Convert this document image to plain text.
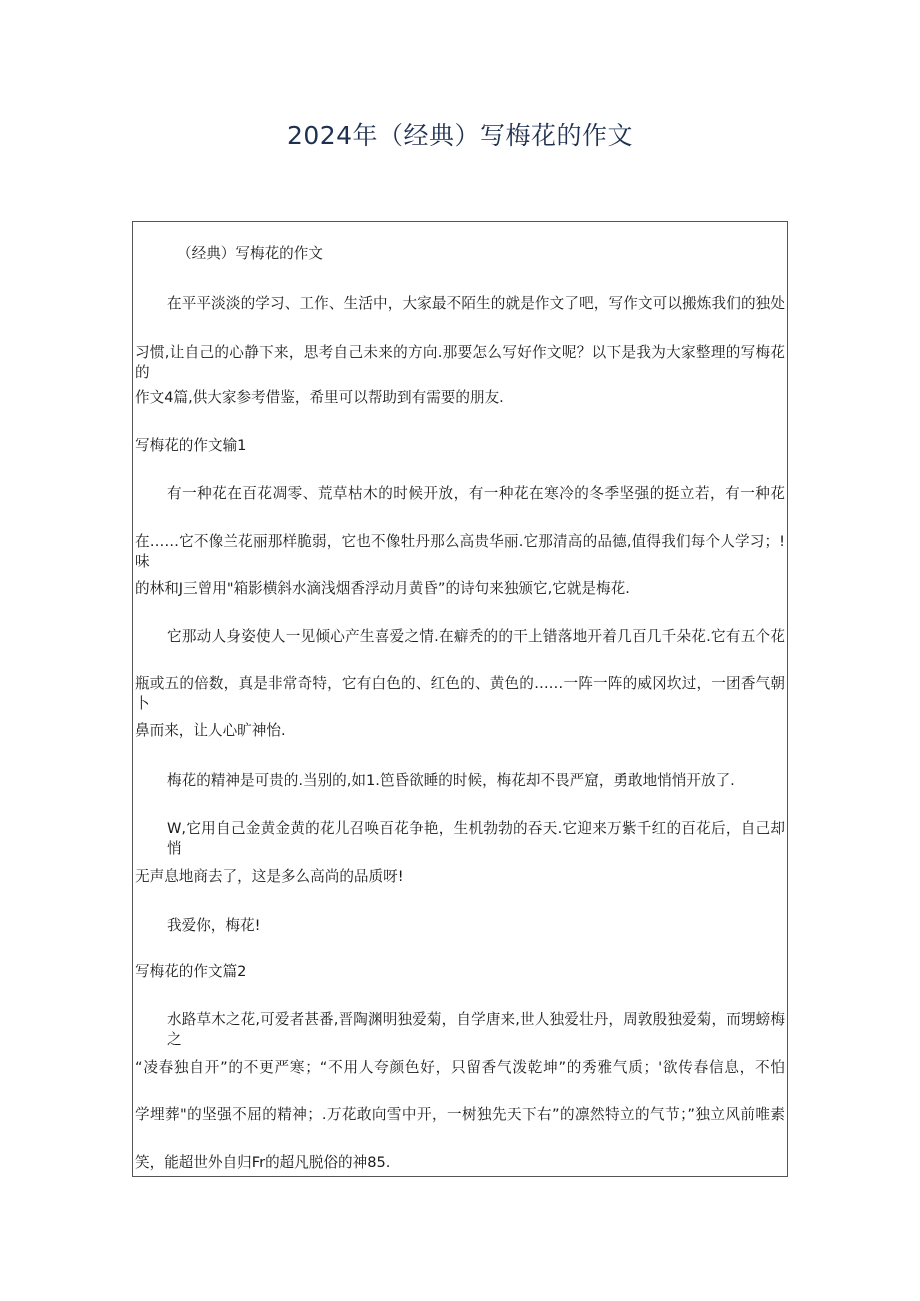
2024年（经典）写梅花的作文
（经典）写梅花的作文
在平平淡淡的学习、工作、生活中，大家最不陌生的就是作文了吧，写作文可以搬炼我们的独处
习惯,让自己的心静下来，思考自己未来的方向.那要怎么写好作文呢？以下是我为大家整理的写梅花的
作文4篇,供大家参考借鉴，希里可以帮助到有需要的朋友.
写梅花的作文输1
有一种花在百花凋零、荒草枯木的时候开放，有一种花在寒冷的冬季坚强的挺立若，有一种花
在……它不像兰花丽那样脆弱，它也不像牡丹那么高贵华丽.它那清高的品德,值得我们每个人学习；!味
的林和J三曾用"箱影横斜水滴浅烟香浮动月黄昏”的诗句来独颁它,它就是梅花.
它那动人身姿使人一见倾心产生喜爱之情.在癖秃的的干上错落地开着几百几千朵花.它有五个花
瓶或五的倍数，真是非常奇特，它有白色的、红色的、黄色的……一阵一阵的威冈坎过，一团香气朝卜
鼻而来，让人心旷神怡.
梅花的精神是可贵的.当别的,如1.笆昏欲睡的时候，梅花却不畏严窟，勇敢地悄悄开放了.
W,它用自己金黄金黄的花儿召唤百花争艳，生机勃勃的吞天.它迎来万紫千红的百花后，自己却悄
无声息地商去了，这是多么高尚的品质呀!
我爱你，梅花!
写梅花的作文篇2
水路草木之花,可爱者甚番,晋陶渊明独爱菊，自学唐来,世人独爱壮丹，周敦殷独爱菊，而甥螃梅之
“凌春独自开”的不更严寒；“不用人夸颜色好，只留香气泼乾坤”的秀雅气质；'欲传春信息，不怕
学埋葬"的坚强不屈的精神；.万花敢向雪中开，一树独先天下右”的凛然特立的气节；”独立风前唯素
笑，能超世外自归Fr的超凡脱俗的神85.
